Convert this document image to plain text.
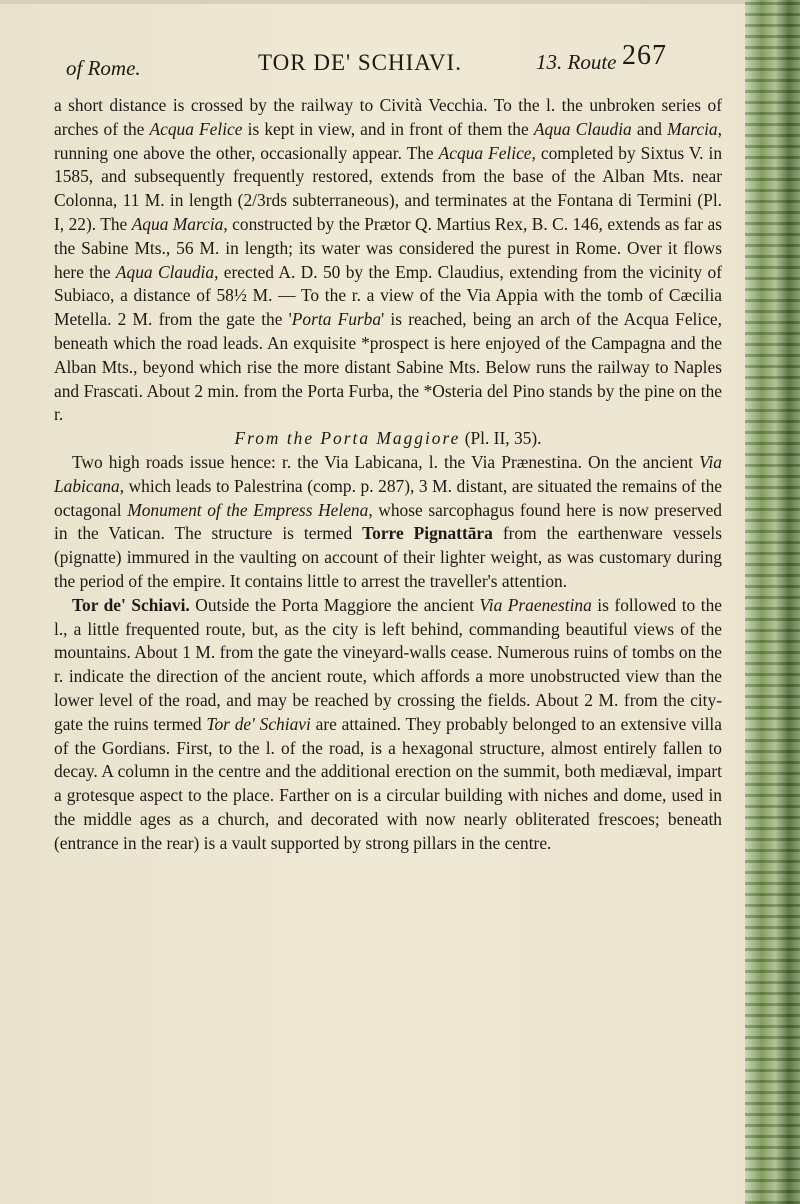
of Rome.	TOR DE' SCHIAVI.	13. Route 267

a short distance is crossed by the railway to Cività Vecchia. To the l. the unbroken series of arches of the Acqua Felice is kept in view, and in front of them the Aqua Claudia and Marcia, running one above the other, occasionally appear. The Acqua Felice, completed by Sixtus V. in 1585, and subsequently frequently restored, extends from the base of the Alban Mts. near Colonna, 11 M. in length (2/3rds subterraneous), and terminates at the Fontana di Termini (Pl. I, 22). The Aqua Marcia, constructed by the Prætor Q. Martius Rex, B. C. 146, extends as far as the Sabine Mts., 56 M. in length; its water was considered the purest in Rome. Over it flows here the Aqua Claudia, erected A. D. 50 by the Emp. Claudius, extending from the vicinity of Subiaco, a distance of 58½ M. — To the r. a view of the Via Appia with the tomb of Cæcilia Metella. 2 M. from the gate the 'Porta Furba' is reached, being an arch of the Acqua Felice, beneath which the road leads. An exquisite *prospect is here enjoyed of the Campagna and the Alban Mts., beyond which rise the more distant Sabine Mts. Below runs the railway to Naples and Frascati. About 2 min. from the Porta Furba, the *Osteria del Pino stands by the pine on the r.

From the Porta Maggiore (Pl. II, 35).

Two high roads issue hence: r. the Via Labicana, l. the Via Prænestina. On the ancient Via Labicana, which leads to Palestrina (comp. p. 287), 3 M. distant, are situated the remains of the octagonal Monument of the Empress Helena, whose sarcophagus found here is now preserved in the Vatican. The structure is termed Torre Pignattāra from the earthenware vessels (pignatte) immured in the vaulting on account of their lighter weight, as was customary during the period of the empire. It contains little to arrest the traveller's attention.

Tor de' Schiavi. Outside the Porta Maggiore the ancient Via Praenestina is followed to the l., a little frequented route, but, as the city is left behind, commanding beautiful views of the mountains. About 1 M. from the gate the vineyard-walls cease. Numerous ruins of tombs on the r. indicate the direction of the ancient route, which affords a more unobstructed view than the lower level of the road, and may be reached by crossing the fields. About 2 M. from the city-gate the ruins termed Tor de' Schiavi are attained. They probably belonged to an extensive villa of the Gordians. First, to the l. of the road, is a hexagonal structure, almost entirely fallen to decay. A column in the centre and the additional erection on the summit, both mediæval, impart a grotesque aspect to the place. Farther on is a circular building with niches and dome, used in the middle ages as a church, and decorated with now nearly obliterated frescoes; beneath (entrance in the rear) is a vault supported by strong pillars in the centre.
